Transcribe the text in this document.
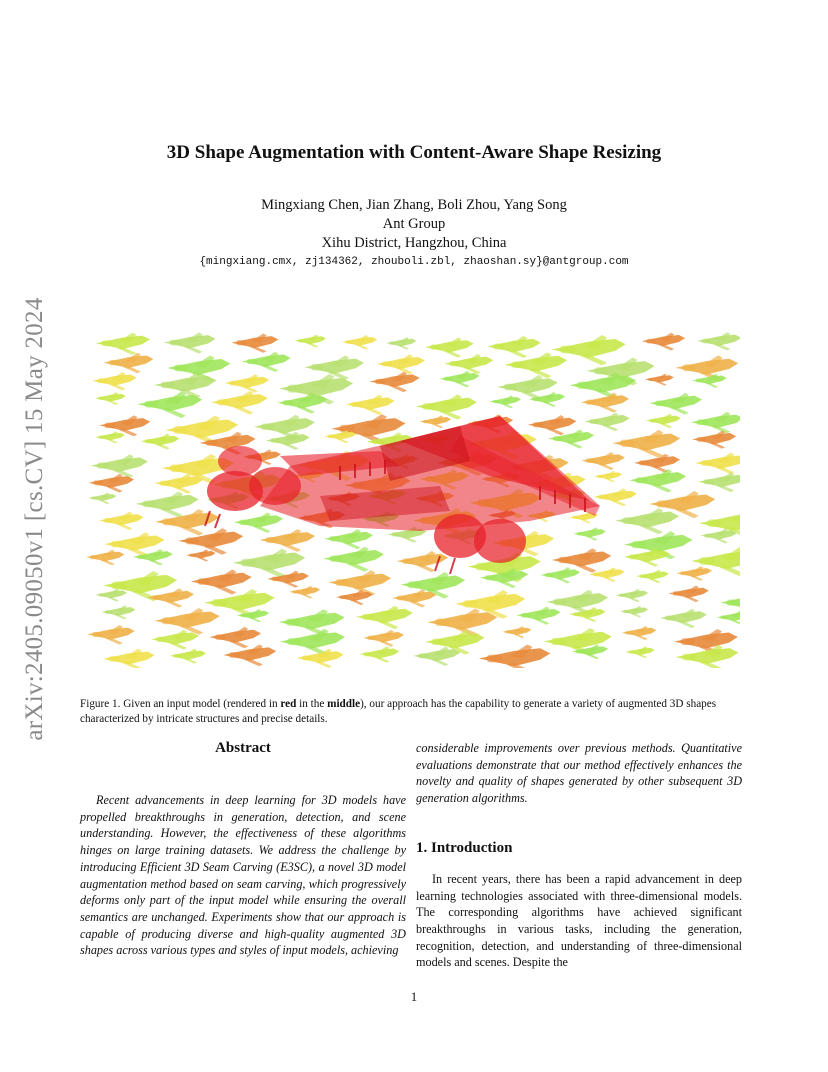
arXiv:2405.09050v1 [cs.CV] 15 May 2024
3D Shape Augmentation with Content-Aware Shape Resizing
Mingxiang Chen, Jian Zhang, Boli Zhou, Yang Song
Ant Group
Xihu District, Hangzhou, China
{mingxiang.cmx, zj134362, zhouboli.zbl, zhaoshan.sy}@antgroup.com
Figure 1. Given an input model (rendered in red in the middle), our approach has the capability to generate a variety of augmented 3D shapes characterized by intricate structures and precise details.
Abstract

Recent advancements in deep learning for 3D models have propelled breakthroughs in generation, detection, and scene understanding. However, the effectiveness of these algorithms hinges on large training datasets. We address the challenge by introducing Efficient 3D Seam Carving (E3SC), a novel 3D model augmentation method based on seam carving, which progressively deforms only part of the input model while ensuring the overall semantics are unchanged. Experiments show that our approach is capable of producing diverse and high-quality augmented 3D shapes across various types and styles of input models, achieving

considerable improvements over previous methods. Quantitative evaluations demonstrate that our method effectively enhances the novelty and quality of shapes generated by other subsequent 3D generation algorithms.

1. Introduction

In recent years, there has been a rapid advancement in deep learning technologies associated with three-dimensional models. The corresponding algorithms have achieved significant breakthroughs in various tasks, including the generation, recognition, detection, and understanding of three-dimensional models and scenes. Despite the

1
